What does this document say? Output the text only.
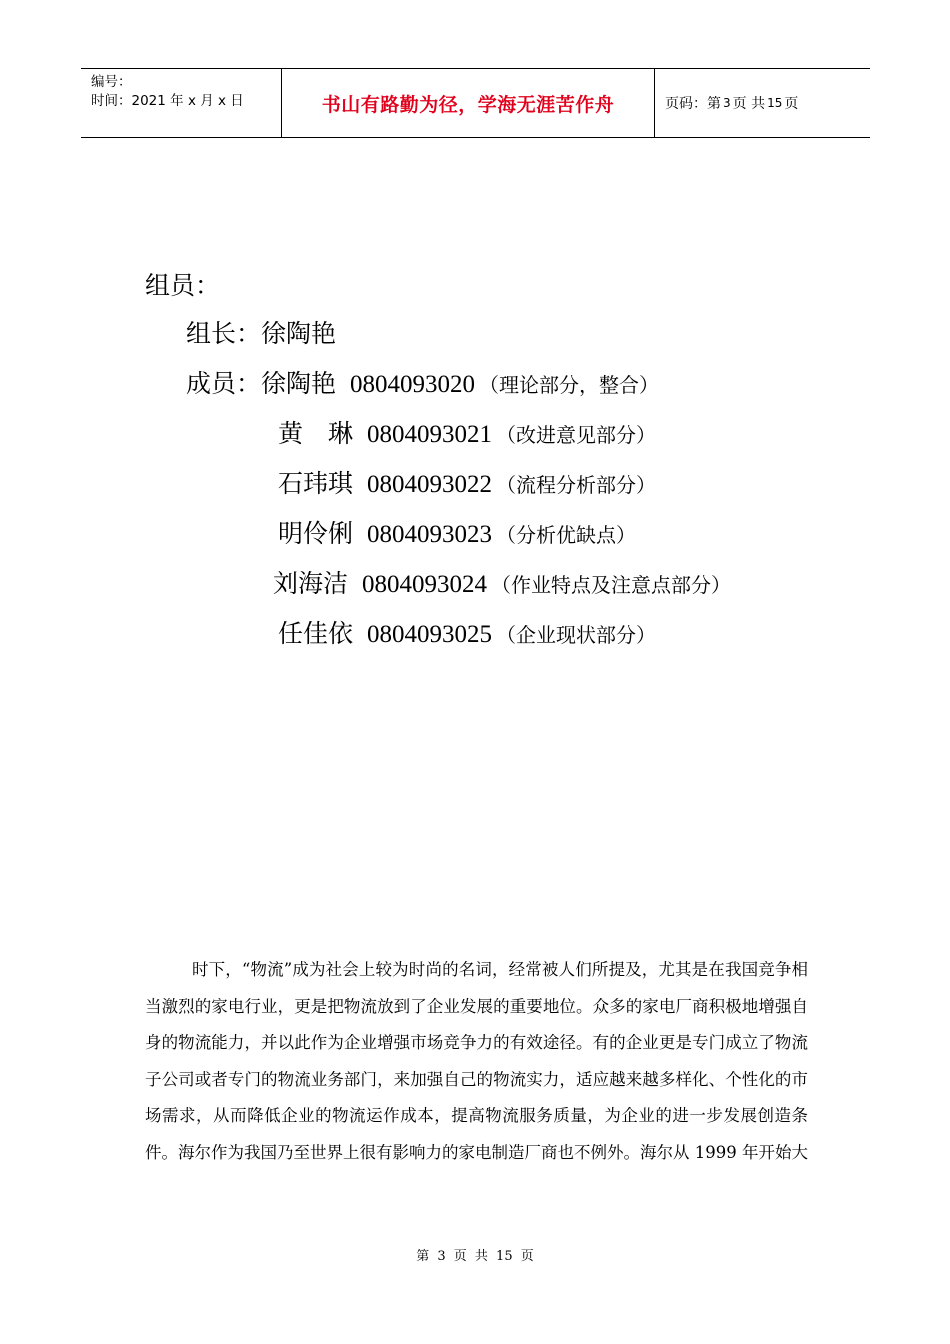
编号：
时间：2021 年 x 月 x 日	书山有路勤为径，学海无涯苦作舟	页码：第 3 页 共 15 页
组员：
组长：徐陶艳
成员：徐陶艳 0804093020 （理论部分，整合）
黄　琳 0804093021 （改进意见部分）
石玮琪 0804093022 （流程分析部分）
明伶俐 0804093023 （分析优缺点）
刘海洁 0804093024 （作业特点及注意点部分）
任佳依 0804093025 （企业现状部分）
时下，“物流”成为社会上较为时尚的名词，经常被人们所提及，尤其是在我国竞争相当激烈的家电行业，更是把物流放到了企业发展的重要地位。众多的家电厂商积极地增强自身的物流能力，并以此作为企业增强市场竞争力的有效途径。有的企业更是专门成立了物流子公司或者专门的物流业务部门，来加强自己的物流实力，适应越来越多样化、个性化的市场需求，从而降低企业的物流运作成本，提高物流服务质量，为企业的进一步发展创造条件。海尔作为我国乃至世界上很有影响力的家电制造厂商也不例外。海尔从 1999 年开始大
第 3 页 共 15 页
